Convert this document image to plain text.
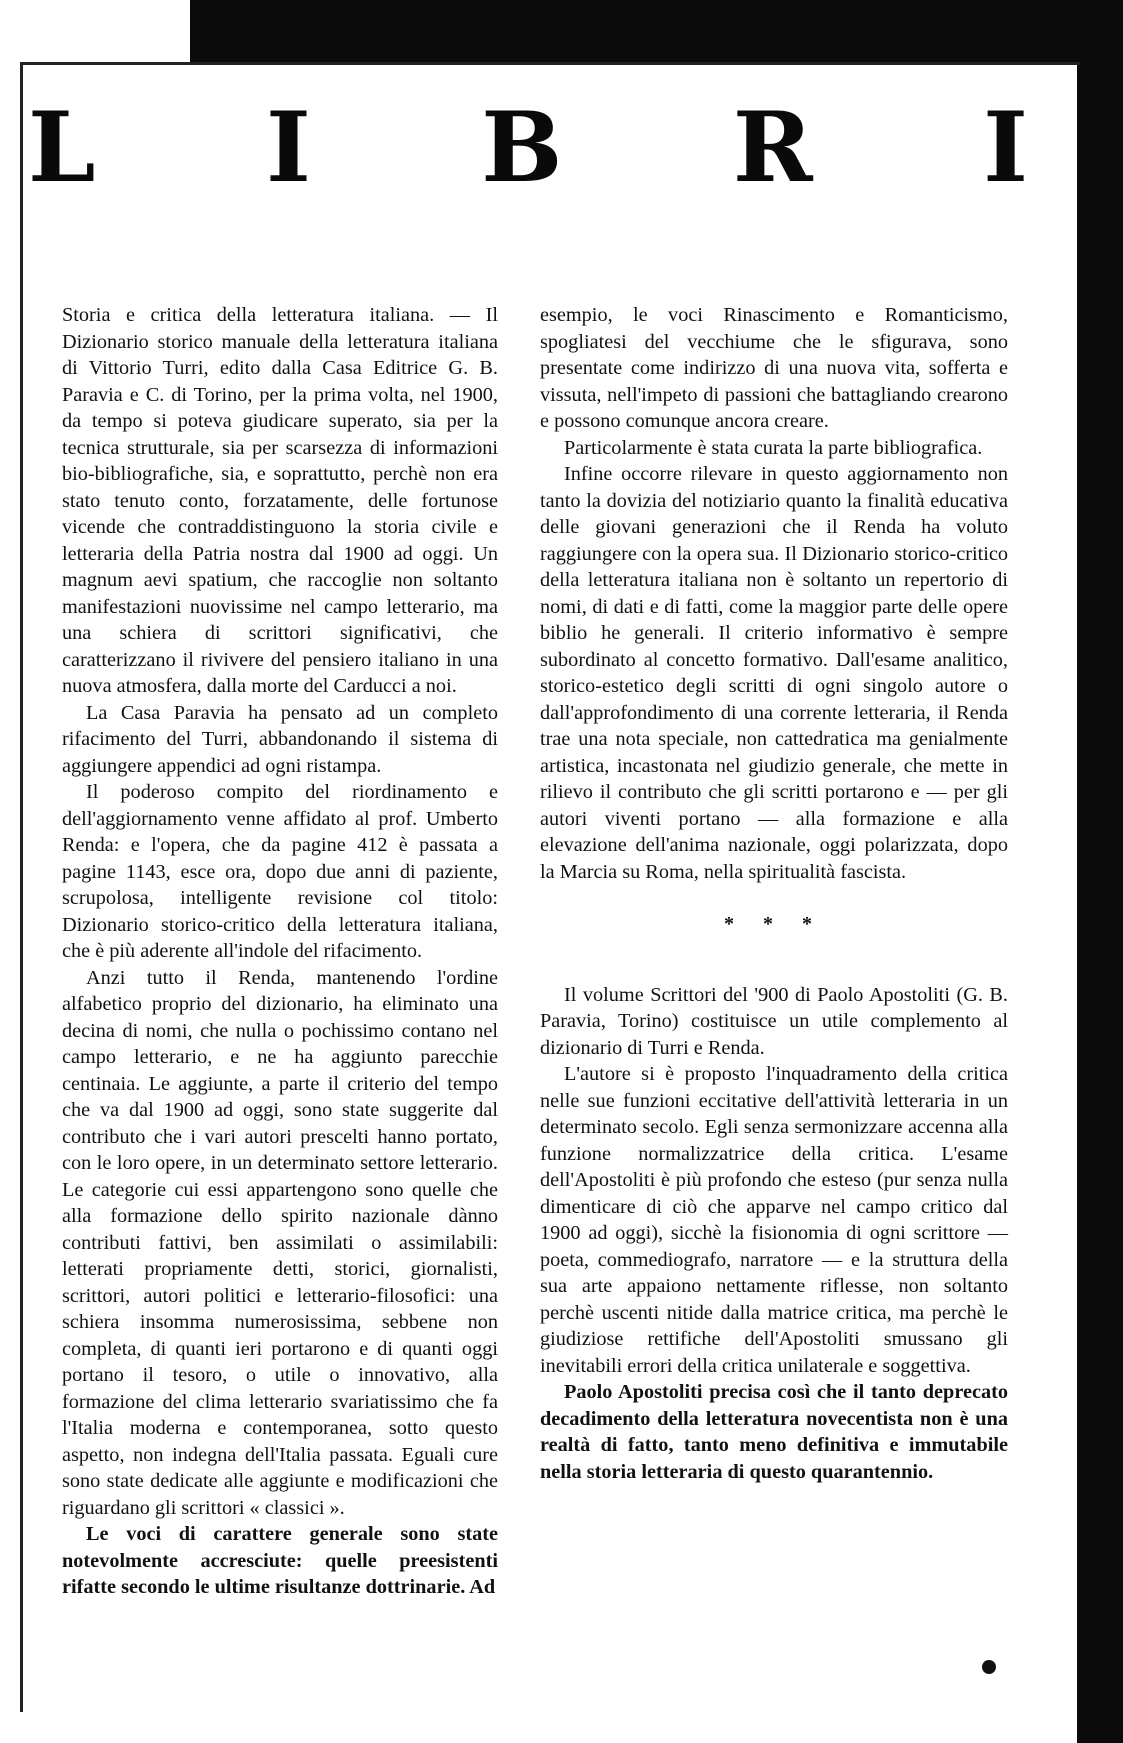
L I B R I

Storia e critica della letteratura italiana. — Il Dizionario storico manuale della letteratura italiana di Vittorio Turri, edito dalla Casa Editrice G. B. Paravia e C. di Torino, per la prima volta, nel 1900, da tempo si poteva giudicare superato, sia per la tecnica strutturale, sia per scarsezza di informazioni bio-bibliografiche, sia, e soprattutto, perchè non era stato tenuto conto, forzatamente, delle fortunose vicende che contraddistinguono la storia civile e letteraria della Patria nostra dal 1900 ad oggi. Un magnum aevi spatium, che raccoglie non soltanto manifestazioni nuovissime nel campo letterario, ma una schiera di scrittori significativi, che caratterizzano il rivivere del pensiero italiano in una nuova atmosfera, dalla morte del Carducci a noi.

La Casa Paravia ha pensato ad un completo rifacimento del Turri, abbandonando il sistema di aggiungere appendici ad ogni ristampa.

Il poderoso compito del riordinamento e dell'aggiornamento venne affidato al prof. Umberto Renda: e l'opera, che da pagine 412 è passata a pagine 1143, esce ora, dopo due anni di paziente, scrupolosa, intelligente revisione col titolo: Dizionario storico-critico della letteratura italiana, che è più aderente all'indole del rifacimento.

Anzi tutto il Renda, mantenendo l'ordine alfabetico proprio del dizionario, ha eliminato una decina di nomi, che nulla o pochissimo contano nel campo letterario, e ne ha aggiunto parecchie centinaia. Le aggiunte, a parte il criterio del tempo che va dal 1900 ad oggi, sono state suggerite dal contributo che i vari autori prescelti hanno portato, con le loro opere, in un determinato settore letterario. Le categorie cui essi appartengono sono quelle che alla formazione dello spirito nazionale dànno contributi fattivi, ben assimilati o assimilabili: letterati propriamente detti, storici, giornalisti, scrittori, autori politici e letterario-filosofici: una schiera insomma numerosissima, sebbene non completa, di quanti ieri portarono e di quanti oggi portano il tesoro, o utile o innovativo, alla formazione del clima letterario svariatissimo che fa l'Italia moderna e contemporanea, sotto questo aspetto, non indegna dell'Italia passata. Eguali cure sono state dedicate alle aggiunte e modificazioni che riguardano gli scrittori « classici ».

Le voci di carattere generale sono state notevolmente accresciute: quelle preesistenti rifatte secondo le ultime risultanze dottrinarie. Ad

esempio, le voci Rinascimento e Romanticismo, spogliatesi del vecchiume che le sfigurava, sono presentate come indirizzo di una nuova vita, sofferta e vissuta, nell'impeto di passioni che battagliando crearono e possono comunque ancora creare.

Particolarmente è stata curata la parte bibliografica.

Infine occorre rilevare in questo aggiornamento non tanto la dovizia del notiziario quanto la finalità educativa delle giovani generazioni che il Renda ha voluto raggiungere con la opera sua. Il Dizionario storico-critico della letteratura italiana non è soltanto un repertorio di nomi, di dati e di fatti, come la maggior parte delle opere biblio he generali. Il criterio informativo è sempre subordinato al concetto formativo. Dall'esame analitico, storico-estetico degli scritti di ogni singolo autore o dall'approfondimento di una corrente letteraria, il Renda trae una nota speciale, non cattedratica ma genialmente artistica, incastonata nel giudizio generale, che mette in rilievo il contributo che gli scritti portarono e — per gli autori viventi portano — alla formazione e alla elevazione dell'anima nazionale, oggi polarizzata, dopo la Marcia su Roma, nella spiritualità fascista.

* * *

Il volume Scrittori del '900 di Paolo Apostoliti (G. B. Paravia, Torino) costituisce un utile complemento al dizionario di Turri e Renda.

L'autore si è proposto l'inquadramento della critica nelle sue funzioni eccitative dell'attività letteraria in un determinato secolo. Egli senza sermonizzare accenna alla funzione normalizzatrice della critica. L'esame dell'Apostoliti è più profondo che esteso (pur senza nulla dimenticare di ciò che apparve nel campo critico dal 1900 ad oggi), sicchè la fisionomia di ogni scrittore — poeta, commediografo, narratore — e la struttura della sua arte appaiono nettamente riflesse, non soltanto perchè uscenti nitide dalla matrice critica, ma perchè le giudiziose rettifiche dell'Apostoliti smussano gli inevitabili errori della critica unilaterale e soggettiva.

Paolo Apostoliti precisa così che il tanto deprecato decadimento della letteratura novecentista non è una realtà di fatto, tanto meno definitiva e immutabile nella storia letteraria di questo quarantennio.
